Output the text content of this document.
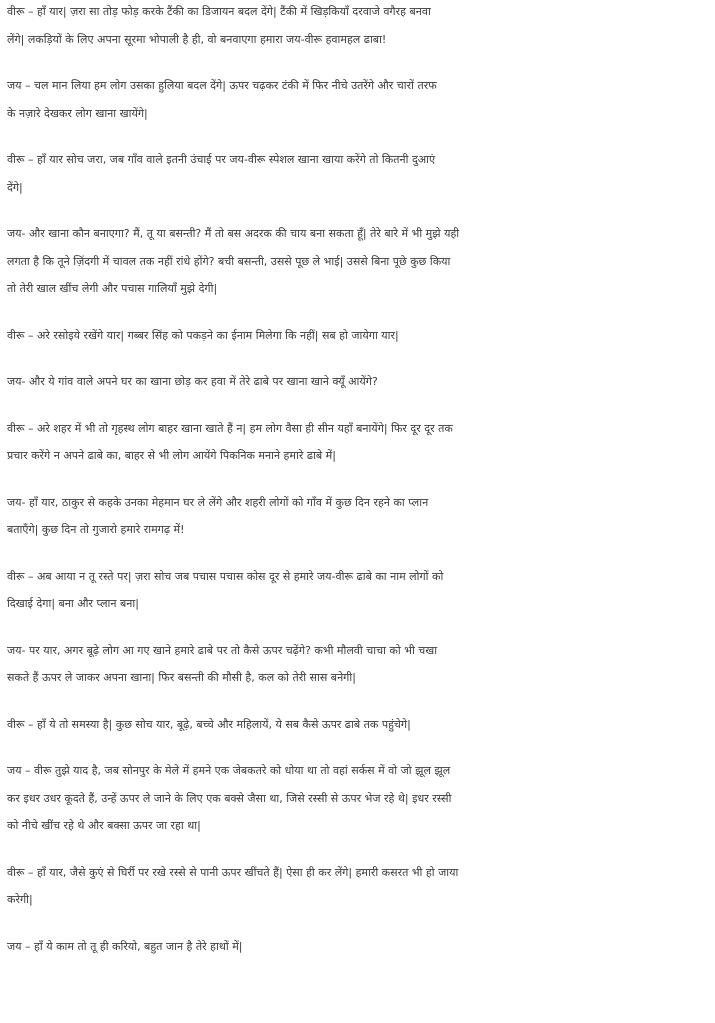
वीरू – हाँ यार| ज़रा सा तोड़ फोड़ करके टैंकी का डिजायन बदल देंगे| टैंकी में खिड़कियाँ दरवाजे वगैरह बनवा
लेंगे| लकड़ियों के लिए अपना सूरमा भोपाली है ही, वो बनवाएगा हमारा जय-वीरू हवामहल ढाबा!

जय – चल मान लिया हम लोग उसका हुलिया बदल देंगे| ऊपर चढ़कर टंकी में फिर नीचे उतरेंगे और चारों तरफ
के नज़ारे देखकर लोग खाना खायेंगे|

वीरू – हाँ यार सोच जरा, जब गाँव वाले इतनी उंचाई पर जय-वीरू स्पेशल खाना खाया करेंगे तो कितनी दुआएं
देंगे|

जय- और खाना कौन बनाएगा? मैं, तू या बसन्ती? मैं तो बस अदरक की चाय बना सकता हूँ| तेरे बारे में भी मुझे यही
लगता है कि तूने ज़िंदगी में चावल तक नहीं रांधे होंगे? बची बसन्ती, उससे पूछ ले भाई| उससे बिना पूछे कुछ किया
तो तेरी खाल खींच लेगी और पचास गालियाँ मुझे देगी|

वीरू – अरे रसोइये रखेंगे यार| गब्बर सिंह को पकड़ने का ईनाम मिलेगा कि नहीं| सब हो जायेगा यार|

जय- और ये गांव वाले अपने घर का खाना छोड़ कर हवा में तेरे ढाबे पर खाना खाने क्यूँ आयेंगे?

वीरू – अरे शहर में भी तो गृहस्थ लोग बाहर खाना खाते हैं न| हम लोग वैसा ही सीन यहाँ बनायेंगे| फिर दूर दूर तक
प्रचार करेंगे न अपने ढाबे का, बाहर से भी लोग आयेंगे पिकनिक मनाने हमारे ढाबे में|

जय- हाँ यार, ठाकुर से कहके उनका मेहमान घर ले लेंगे और शहरी लोगों को गाँव में कुछ दिन रहने का प्लान
बताएँगे| कुछ दिन तो गुजारो हमारे रामगढ़ में!

वीरू – अब आया न तू रस्ते पर| ज़रा सोच जब पचास पचास कोस दूर से हमारे जय-वीरू ढाबे का नाम लोगों को
दिखाई देगा| बना और प्लान बना|

जय- पर यार, अगर बूढ़े लोग आ गए खाने हमारे ढाबे पर तो कैसे ऊपर चढ़ेंगे? कभी मौलवी चाचा को भी चखा
सकते हैं ऊपर ले जाकर अपना खाना| फिर बसन्ती की मौसी है, कल को तेरी सास बनेगी|

वीरू – हाँ ये तो समस्या है| कुछ सोच यार, बूढ़े, बच्चे और महिलायें, ये सब कैसे ऊपर ढाबे तक पहुंचेगे|

जय – वीरू तुझे याद है, जब सोनपुर के मेले में हमने एक जेबकतरे को धोया था तो वहां सर्कस में वो जो झूल झूल
कर इधर उधर कूदते हैं, उन्हें ऊपर ले जाने के लिए एक बक्से जैसा था, जिसे रस्सी से ऊपर भेज रहे थे| इधर रस्सी
को नीचे खींच रहे थे और बक्सा ऊपर जा रहा था|

वीरू – हाँ यार, जैसे कुएं से घिर्री पर रखे रस्से से पानी ऊपर खींचते हैं| ऐसा ही कर लेंगे| हमारी कसरत भी हो जाया
करेगी|

जय – हाँ ये काम तो तू ही करियो, बहुत जान है तेरे हाथों में|
